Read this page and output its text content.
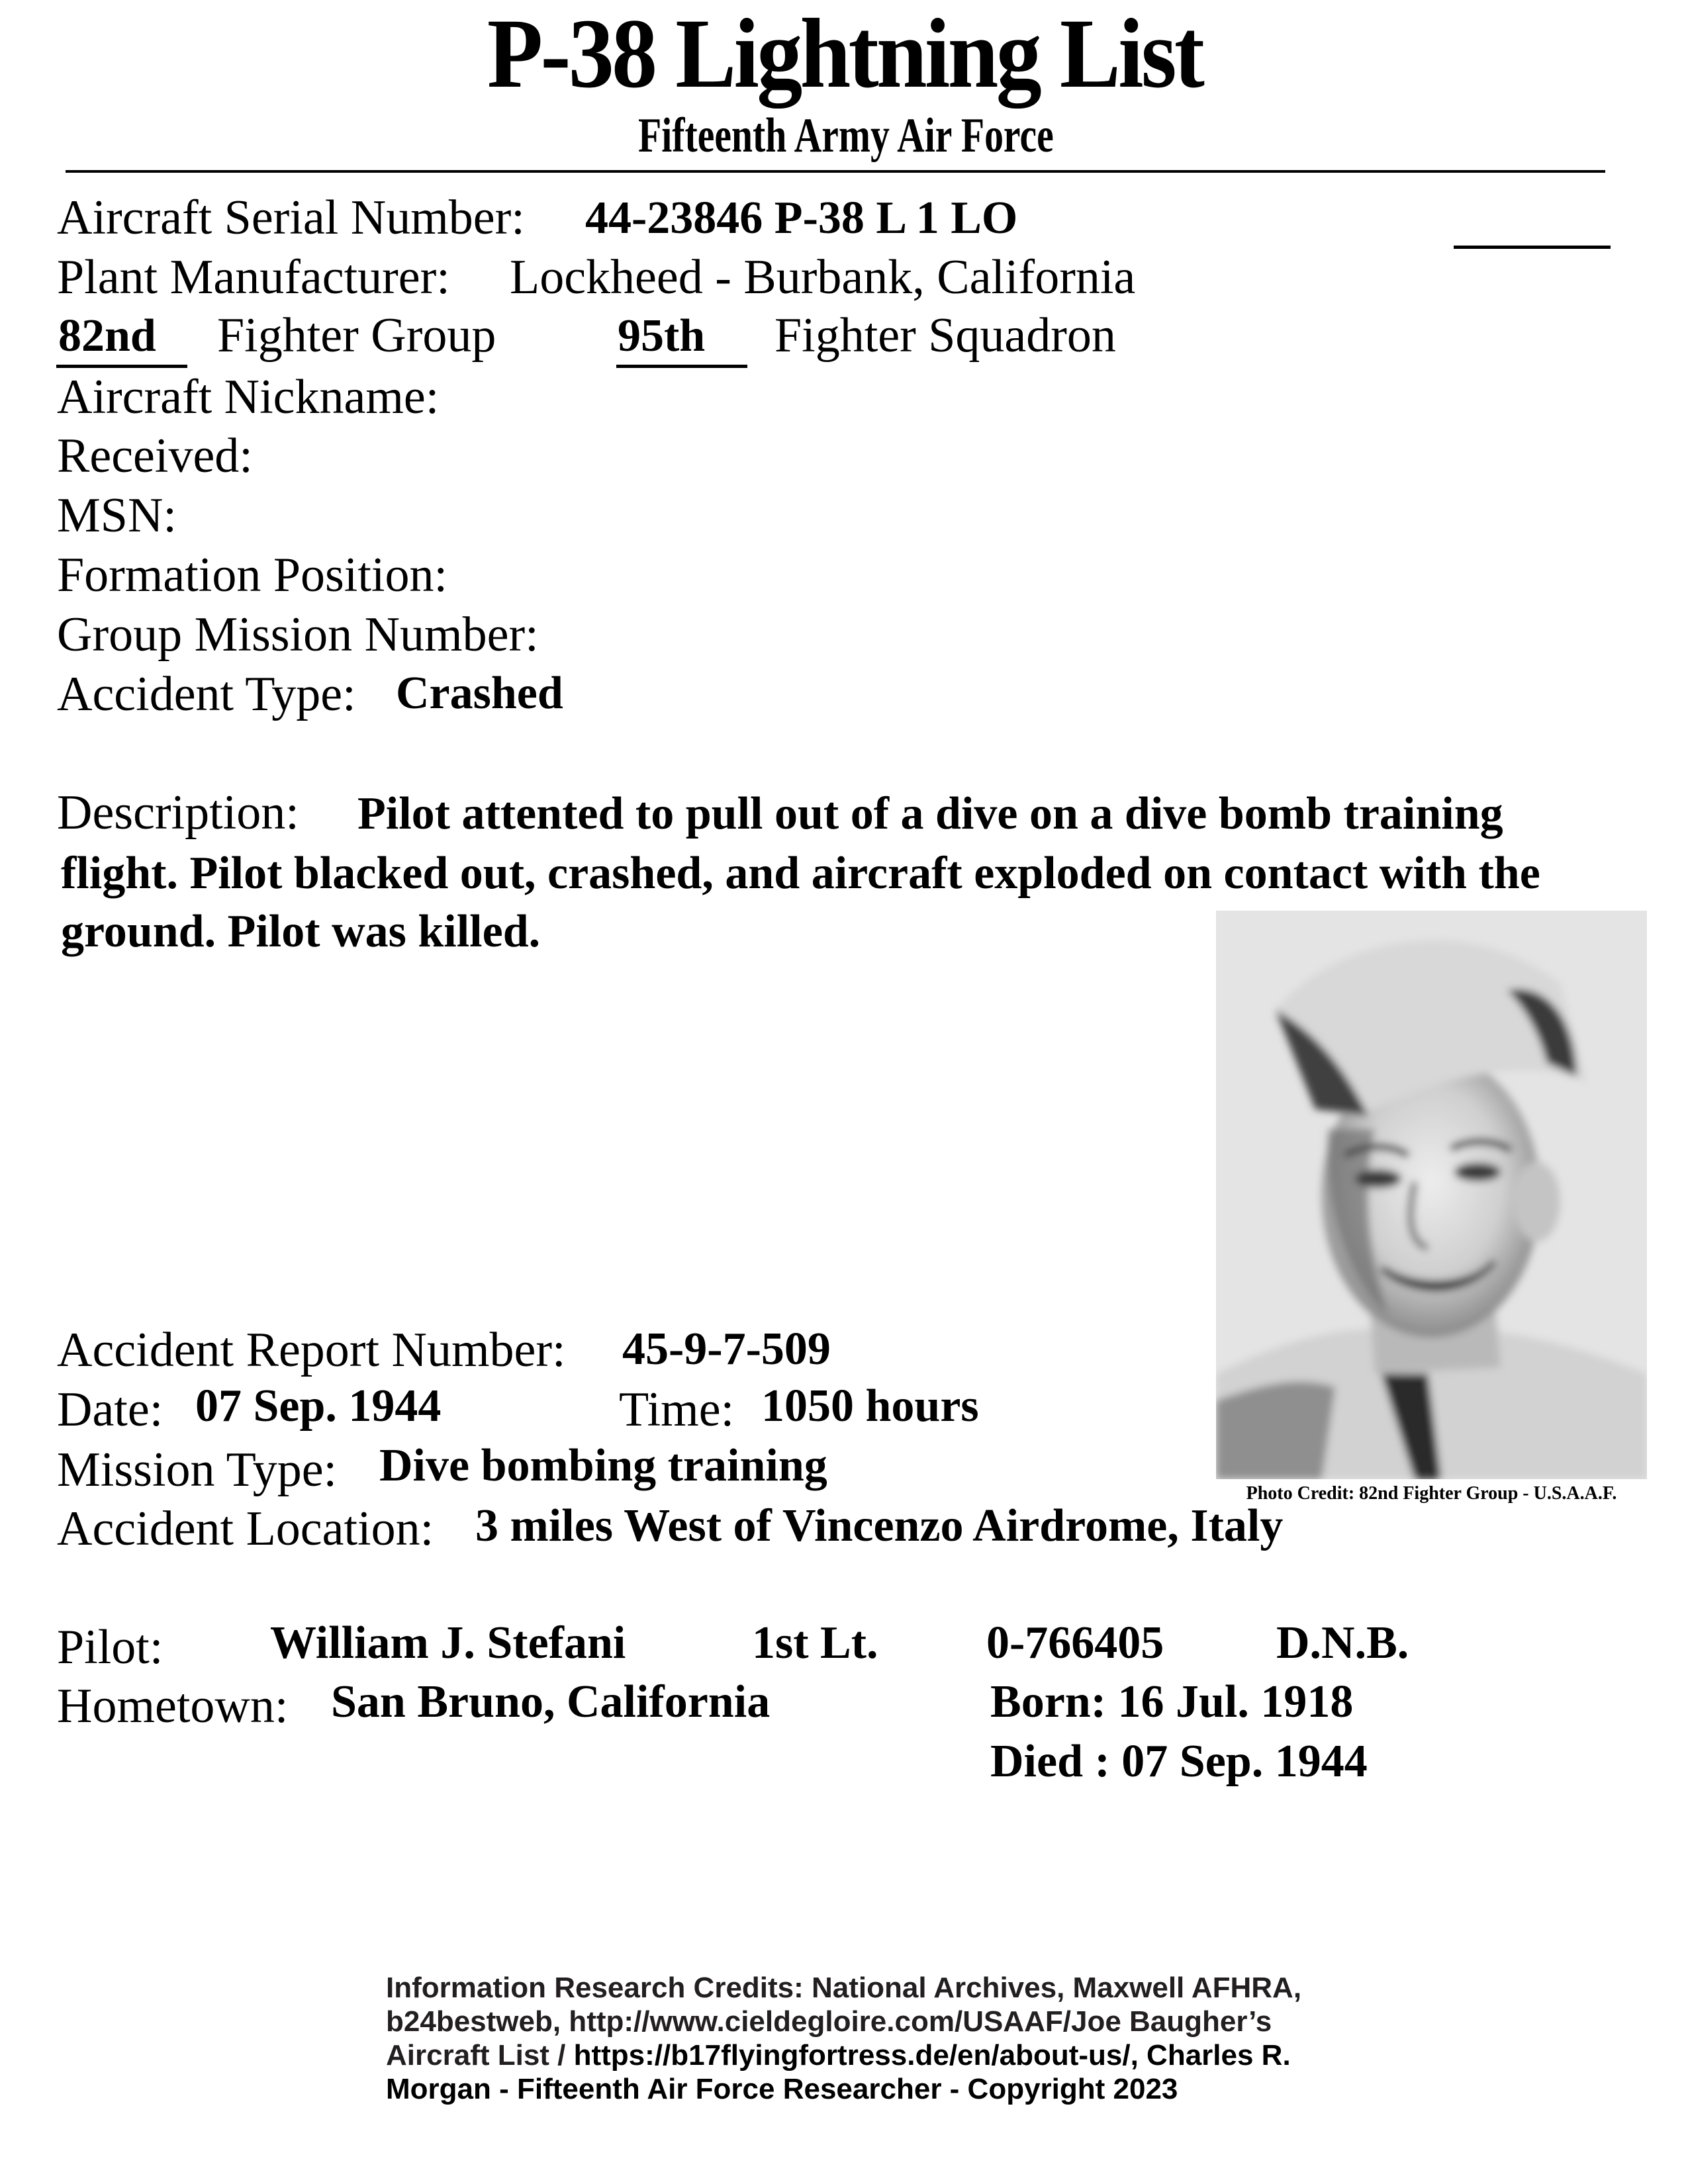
P-38 Lightning List
Fifteenth Army Air Force
Aircraft Serial Number: 44-23846 P-38 L 1 LO
Plant Manufacturer: Lockheed - Burbank, California
82nd Fighter Group	95th Fighter Squadron
Aircraft Nickname:
Received:
MSN:
Formation Position:
Group Mission Number:
Accident Type: Crashed
Description: Pilot attented to pull out of a dive on a dive bomb training
flight. Pilot blacked out, crashed, and aircraft exploded on contact with the
ground. Pilot was killed.
Photo Credit: 82nd Fighter Group - U.S.A.A.F.
Accident Report Number: 45-9-7-509
Date: 07 Sep. 1944	Time: 1050 hours
Mission Type: Dive bombing training
Accident Location: 3 miles West of Vincenzo Airdrome, Italy
Pilot: William J. Stefani	1st Lt. 0-766405 D.N.B.
Hometown: San Bruno, California	Born: 16 Jul. 1918
Died : 07 Sep. 1944
Information Research Credits: National Archives, Maxwell AFHRA,
b24bestweb, http://www.cieldegloire.com/USAAF/Joe Baugher’s
Aircraft List / https://b17flyingfortress.de/en/about-us/, Charles R.
Morgan - Fifteenth Air Force Researcher - Copyright 2023
